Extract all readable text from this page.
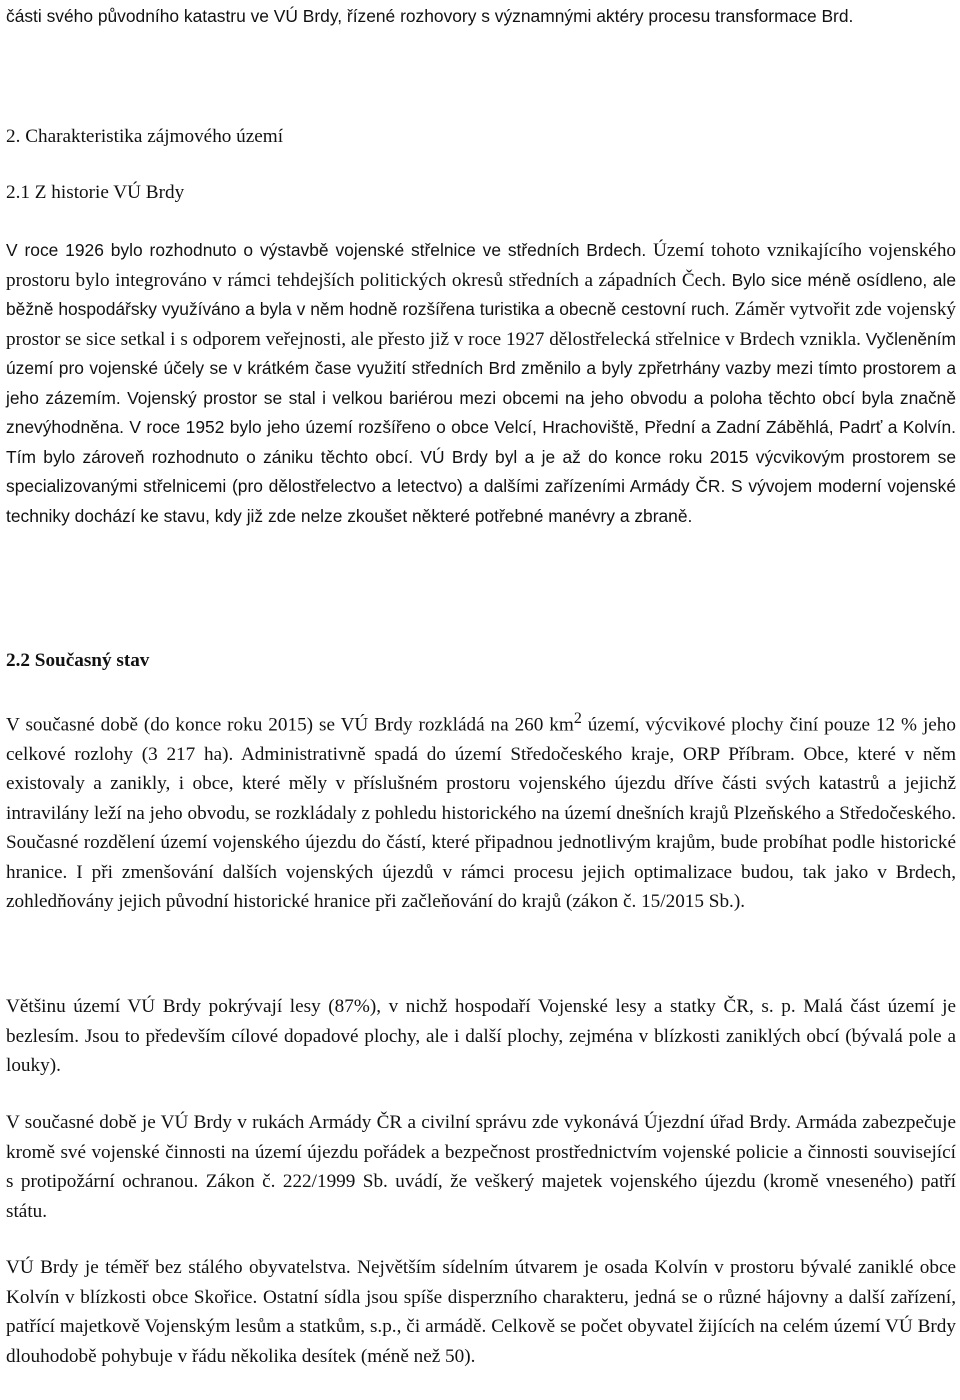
části svého původního katastru ve VÚ Brdy, řízené rozhovory s významnými aktéry procesu transformace Brd.

2. Charakteristika zájmového území
2.1 Z historie VÚ Brdy

V roce 1926 bylo rozhodnuto o výstavbě vojenské střelnice ve středních Brdech. Území tohoto vznikajícího vojenského prostoru bylo integrováno v rámci tehdejších politických okresů středních a západních Čech. Bylo sice méně osídleno, ale běžně hospodářsky využíváno a byla v něm hodně rozšířena turistika a obecně cestovní ruch. Záměr vytvořit zde vojenský prostor se sice setkal i s odporem veřejnosti, ale přesto již v roce 1927 dělostřelecká střelnice v Brdech vznikla. Vyčleněním území pro vojenské účely se v krátkém čase využití středních Brd změnilo a byly zpřetrhány vazby mezi tímto prostorem a jeho zázemím. Vojenský prostor se stal i velkou bariérou mezi obcemi na jeho obvodu a poloha těchto obcí byla značně znevýhodněna. V roce 1952 bylo jeho území rozšířeno o obce Velcí, Hrachoviště, Přední a Zadní Záběhlá, Padrť a Kolvín. Tím bylo zároveň rozhodnuto o zániku těchto obcí. VÚ Brdy byl a je až do konce roku 2015 výcvikovým prostorem se specializovanými střelnicemi (pro dělostřelectvo a letectvo) a dalšími zařízeními Armády ČR. S vývojem moderní vojenské techniky dochází ke stavu, kdy již zde nelze zkoušet některé potřebné manévry a zbraně.

2.2 Současný stav

V současné době (do konce roku 2015) se VÚ Brdy rozkládá na 260 $km^2$ území, výcvikové plochy činí pouze 12 % jeho celkové rozlohy (3 217 ha). Administrativně spadá do území Středočeského kraje, ORP Příbram. Obce, které v něm existovaly a zanikly, i obce, které měly v příslušném prostoru vojenského újezdu dříve části svých katastrů a jejichž intravilány leží na jeho obvodu, se rozkládaly z pohledu historického na území dnešních krajů Plzeňského a Středočeského. Současné rozdělení území vojenského újezdu do částí, které připadnou jednotlivým krajům, bude probíhat podle historické hranice. I při zmenšování dalších vojenských újezdů v rámci procesu jejich optimalizace budou, tak jako v Brdech, zohledňovány jejich původní historické hranice při začleňování do krajů (zákon č. 15/2015 Sb.).

Většinu území VÚ Brdy pokrývají lesy (87%), v nichž hospodaří Vojenské lesy a statky ČR, s. p. Malá část území je bezlesím. Jsou to především cílové dopadové plochy, ale i další plochy, zejména v blízkosti zaniklých obcí (bývalá pole a louky).

V současné době je VÚ Brdy v rukách Armády ČR a civilní správu zde vykonává Újezdní úřad Brdy. Armáda zabezpečuje kromě své vojenské činnosti na území újezdu pořádek a bezpečnost prostřednictvím vojenské policie a činnosti související s protipožární ochranou. Zákon č. 222/1999 Sb. uvádí, že veškerý majetek vojenského újezdu (kromě vneseného) patří státu.

VÚ Brdy je téměř bez stálého obyvatelstva. Největším sídelním útvarem je osada Kolvín v prostoru bývalé zaniklé obce Kolvín v blízkosti obce Skořice. Ostatní sídla jsou spíše disperzního charakteru, jedná se o různé hájovny a další zařízení, patřící majetkově Vojenským lesům a statkům, s.p., či armádě. Celkově se počet obyvatel žijících na celém území VÚ Brdy dlouhodobě pohybuje v řádu několika desítek (méně než 50).
